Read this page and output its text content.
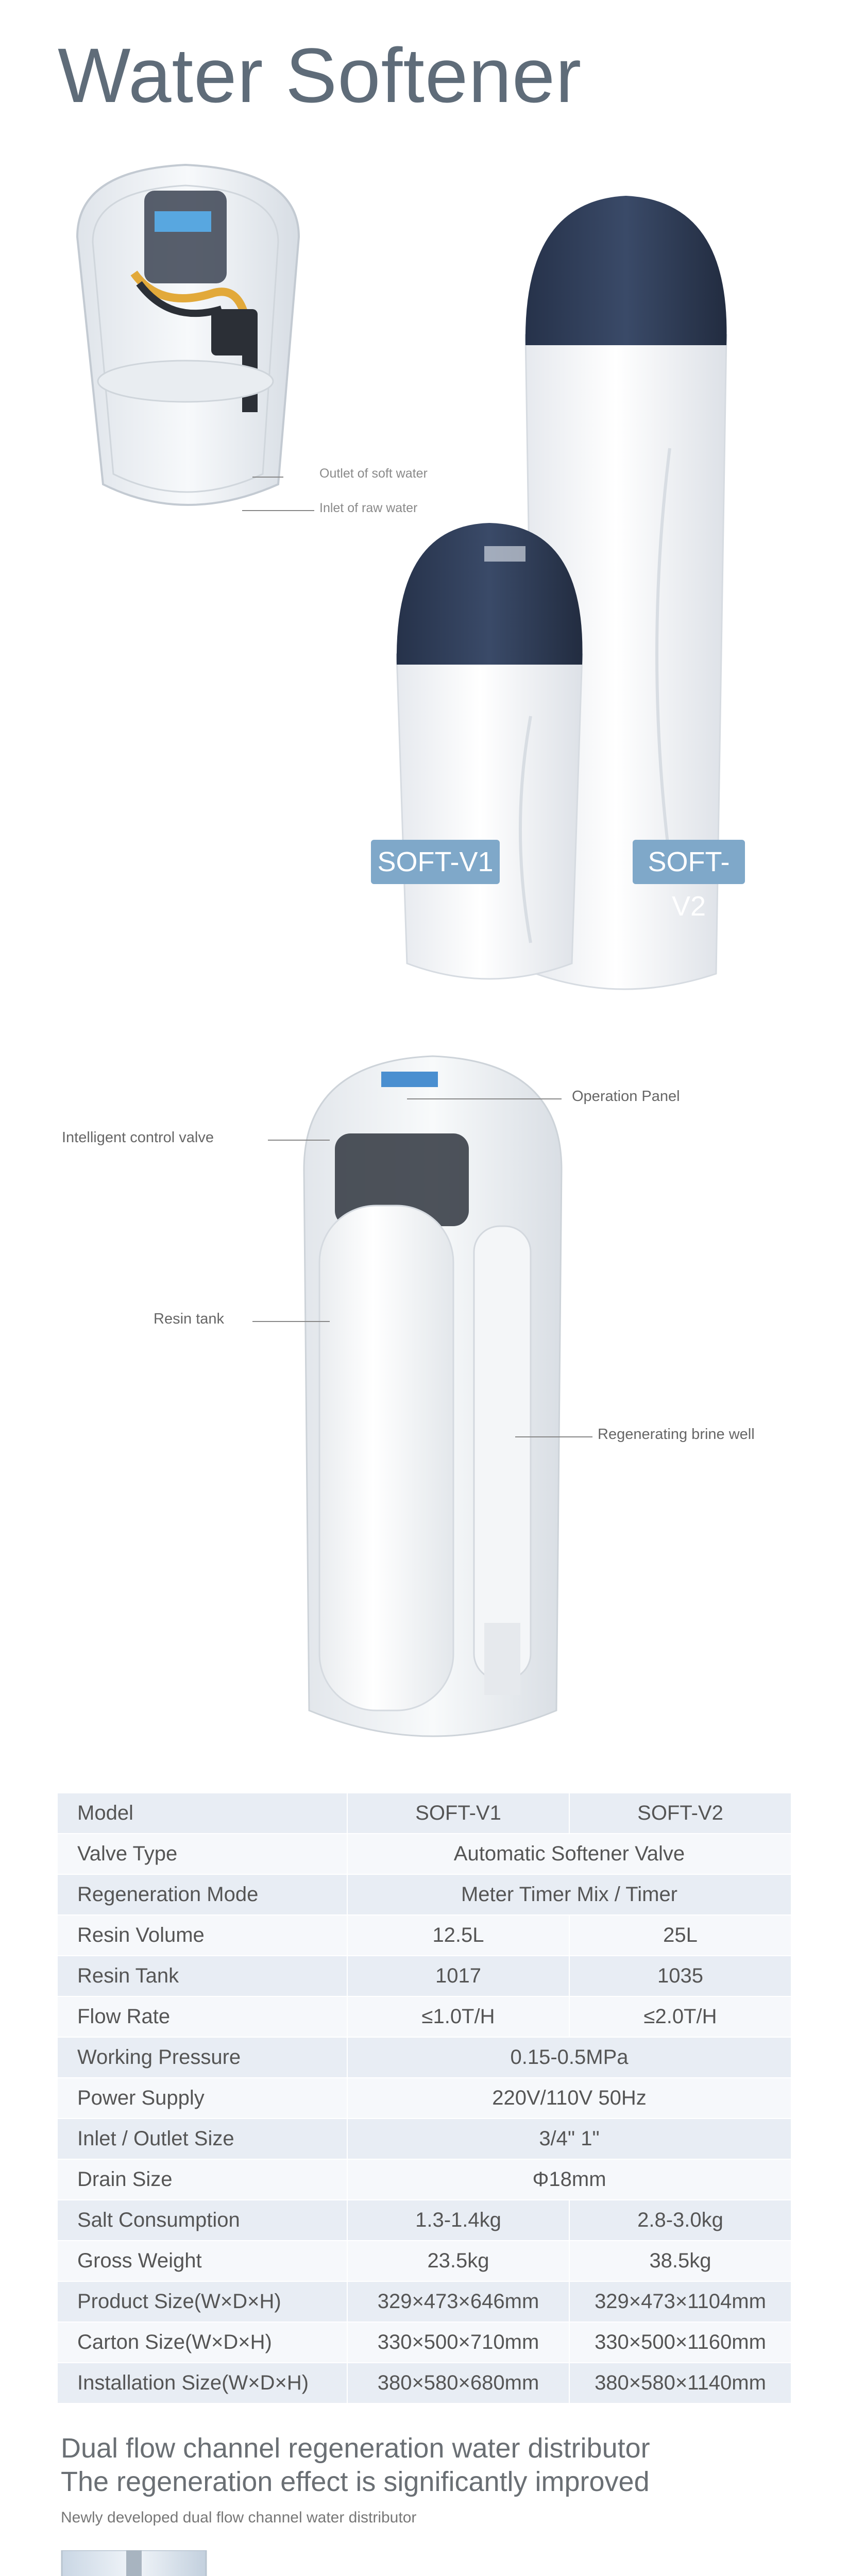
Water Softener
Outlet of soft water
Inlet of raw water
SOFT-V2
SOFT-V1
Operation Panel
Intelligent control valve
Resin tank
Regenerating brine well
Model	SOFT-V1	SOFT-V2
Valve Type	Automatic Softener Valve	
Regeneration Mode	Meter Timer Mix / Timer	
Resin Volume	12.5L	25L
Resin Tank	1017	1035
Flow Rate	≤1.0T/H	≤2.0T/H
Working Pressure	0.15-0.5MPa	
Power Supply	220V/110V 50Hz	
Inlet / Outlet Size	3/4" 1"	
Drain Size	Φ18mm	
Salt Consumption	1.3-1.4kg	2.8-3.0kg
Gross Weight	23.5kg	38.5kg
Product Size(W×D×H)	329×473×646mm	329×473×1104mm
Carton Size(W×D×H)	330×500×710mm	330×500×1160mm
Installation Size(W×D×H)	380×580×680mm	380×580×1140mm
Dual flow channel regeneration water distributor
The regeneration effect is significantly improved
Newly developed dual flow channel water distributor
